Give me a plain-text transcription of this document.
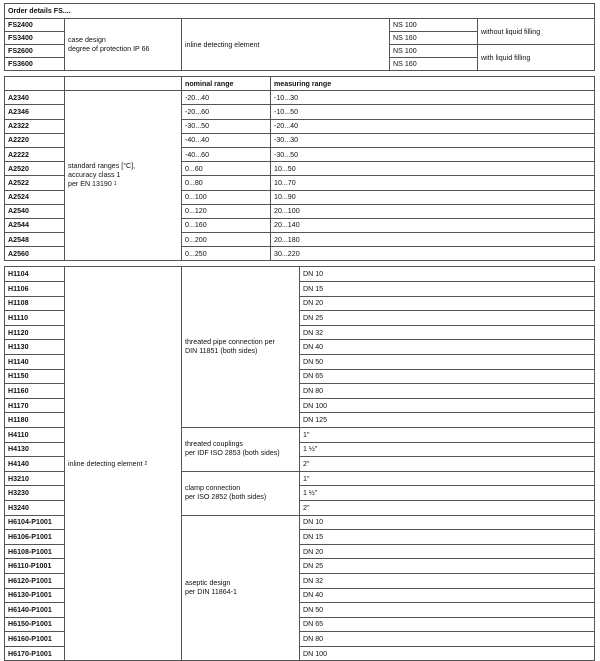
Order details FS....				
FS2400	case design
degree of protection IP 66	inline detecting element	NS 100	without liquid filling
FS3400			NS 160	
FS2600			NS 100	with liquid filling
FS3600			NS 160	
		nominal range	measuring range
A2340	standard ranges [°C],
accuracy class 1
per EN 13190 $^1$	-20...40	-10...30
A2346		-20...60	-10...50
A2322		-30...50	-20...40
A2220		-40...40	-30...30
A2222		-40...60	-30...50
A2520		0...60	10...50
A2522		0...80	10...70
A2524		0...100	10...90
A2540		0...120	20...100
A2544		0...160	20...140
A2548		0...200	20...180
A2560		0...250	30...220
H1104	inline detecting element $^2$	threated pipe connection per
DIN 11851 (both sides)	DN 10
H1106			DN 15
H1108			DN 20
H1110			DN 25
H1120			DN 32
H1130			DN 40
H1140			DN 50
H1150			DN 65
H1160			DN 80
H1170			DN 100
H1180			DN 125
H4110		threated couplings
per IDF ISO 2853 (both sides)	1"
H4130			1 ½"
H4140			2"
H3210		clamp connection
per ISO 2852 (both sides)	1"
H3230			1 ½"
H3240			2"
H6104-P1001		aseptic design
per DIN 11864-1	DN 10
H6106-P1001			DN 15
H6108-P1001			DN 20
H6110-P1001			DN 25
H6120-P1001			DN 32
H6130-P1001			DN 40
H6140-P1001			DN 50
H6150-P1001			DN 65
H6160-P1001			DN 80
H6170-P1001			DN 100
